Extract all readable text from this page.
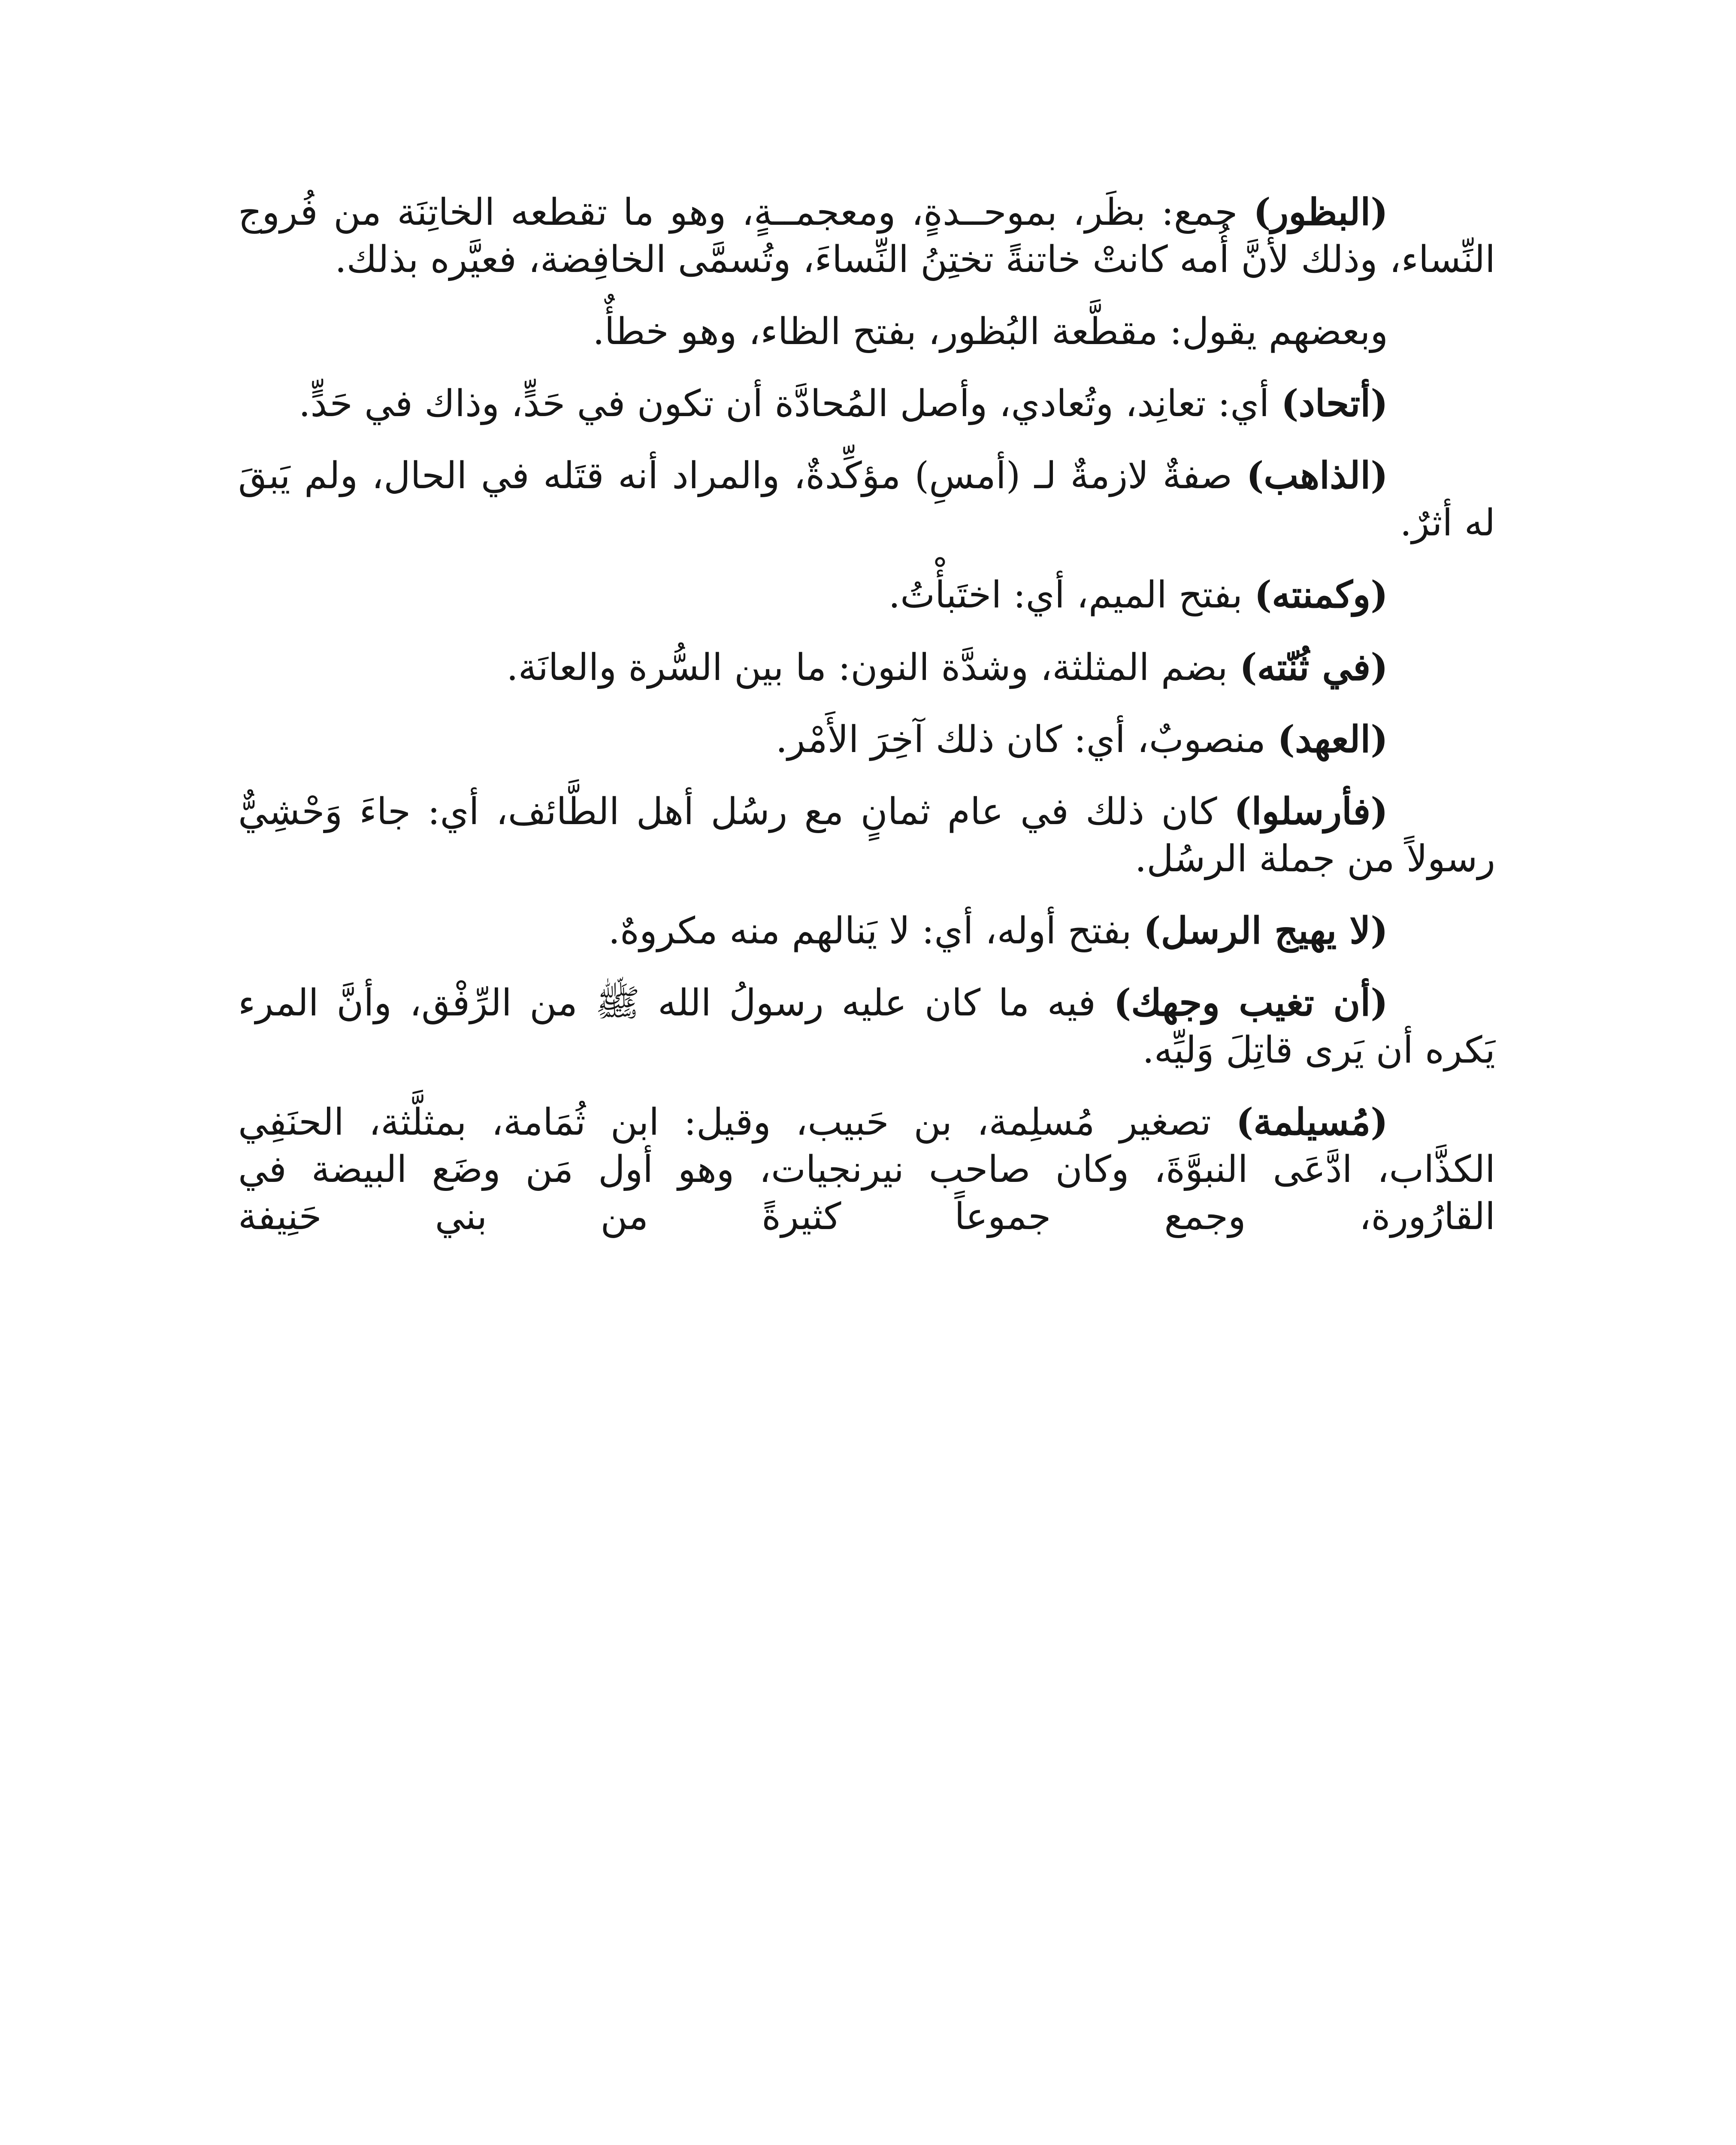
(البظور) جمع: بظَر، بموحــدةٍ، ومعجمــةٍ، وهو ما تقطعه الخاتِنَة من فُروج النِّساء، وذلك لأنَّ أُمه كانتْ خاتنةً تختِنُ النِّساءَ، وتُسمَّى الخافِضة، فعيَّره بذلك.

وبعضهم يقول: مقطَّعة البُظور، بفتح الظاء، وهو خطأٌ.

(أتحاد) أي: تعانِد، وتُعادي، وأصل المُحادَّة أن تكون في حَدٍّ، وذاك في حَدٍّ.

(الذاهب) صفةٌ لازمةٌ لـ (أمسِ) مؤكِّدةٌ، والمراد أنه قتَله في الحال، ولم يَبقَ له أثرٌ.

(وكمنته) بفتح الميم، أي: اختَبأْتُ.

(في ثُنّته) بضم المثلثة، وشدَّة النون: ما بين السُّرة والعانَة.

(العهد) منصوبٌ، أي: كان ذلك آخِرَ الأَمْر.

(فأرسلوا) كان ذلك في عام ثمانٍ مع رسُل أهل الطَّائف، أي: جاءَ وَحْشِيٌّ رسولاً من جملة الرسُل.

(لا يهيج الرسل) بفتح أوله، أي: لا يَنالهم منه مكروهٌ.

(أن تغيب وجهك) فيه ما كان عليه رسولُ الله ﷺ من الرِّفْق، وأنَّ المرء يَكره أن يَرى قاتِلَ وَليِّه.

(مُسيلمة) تصغير مُسلِمة، بن حَبيب، وقيل: ابن ثُمَامة، بمثلَّثة، الحنَفِي الكذَّاب، ادَّعَى النبوَّةَ، وكان صاحب نيرنجيات، وهو أول مَن وضَع البيضة في القارُورة، وجمع جموعاً كثيرةً من بني حَنِيفة
